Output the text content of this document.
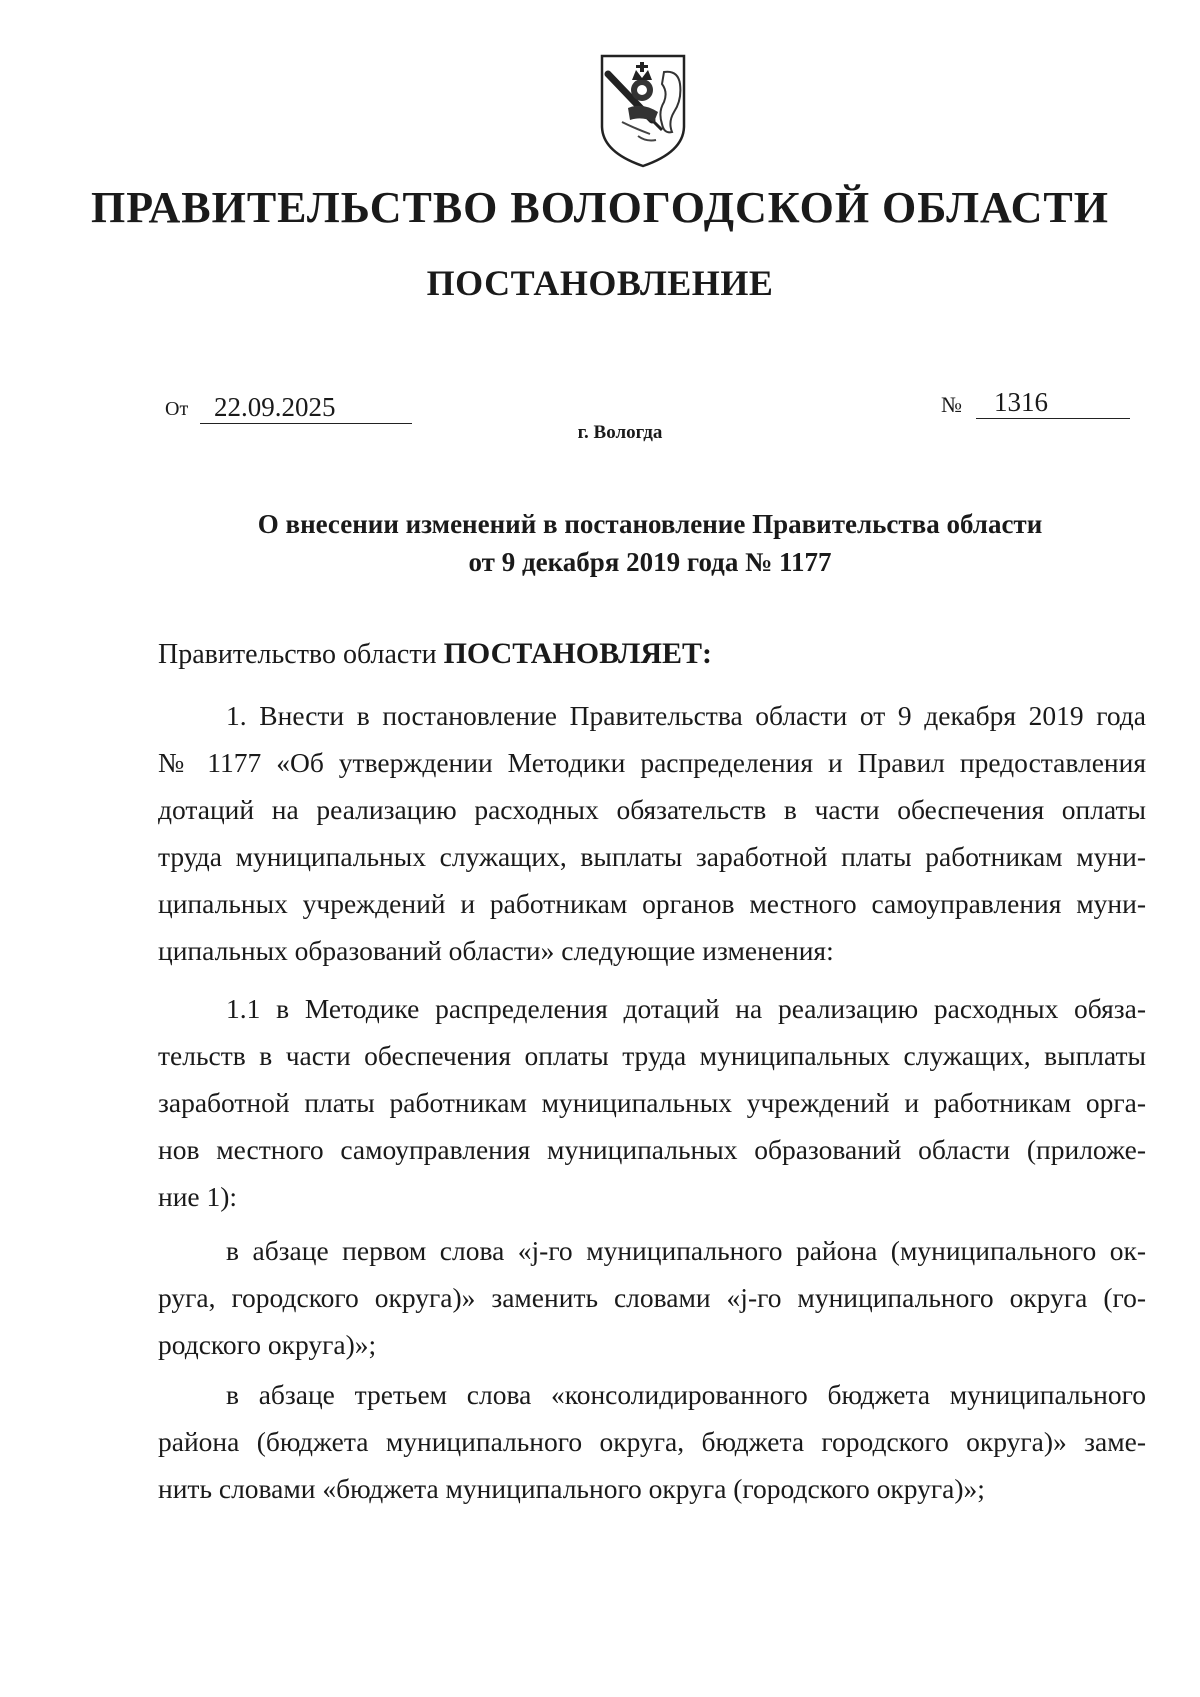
ПРАВИТЕЛЬСТВО ВОЛОГОДСКОЙ ОБЛАСТИ
ПОСТАНОВЛЕНИЕ
От 22.09.2025	№	1316
г. Вологда
О внесении изменений в постановление Правительства области
от 9 декабря 2019 года № 1177
Правительство области ПОСТАНОВЛЯЕТ:
1. Внести в постановление Правительства области от 9 декабря 2019 года
№ 1177 «Об утверждении Методики распределения и Правил предоставления
дотаций на реализацию расходных обязательств в части обеспечения оплаты
труда муниципальных служащих, выплаты заработной платы работникам муни-
ципальных учреждений и работникам органов местного самоуправления муни-
ципальных образований области» следующие изменения:
1.1 в Методике распределения дотаций на реализацию расходных обяза-
тельств в части обеспечения оплаты труда муниципальных служащих, выплаты
заработной платы работникам муниципальных учреждений и работникам орга-
нов местного самоуправления муниципальных образований области (приложе-
ние 1):
в абзаце первом слова «j-го муниципального района (муниципального ок-
руга, городского округа)» заменить словами «j-го муниципального округа (го-
родского округа)»;
в абзаце третьем слова «консолидированного бюджета муниципального
района (бюджета муниципального округа, бюджета городского округа)» заме-
нить словами «бюджета муниципального округа (городского округа)»;
